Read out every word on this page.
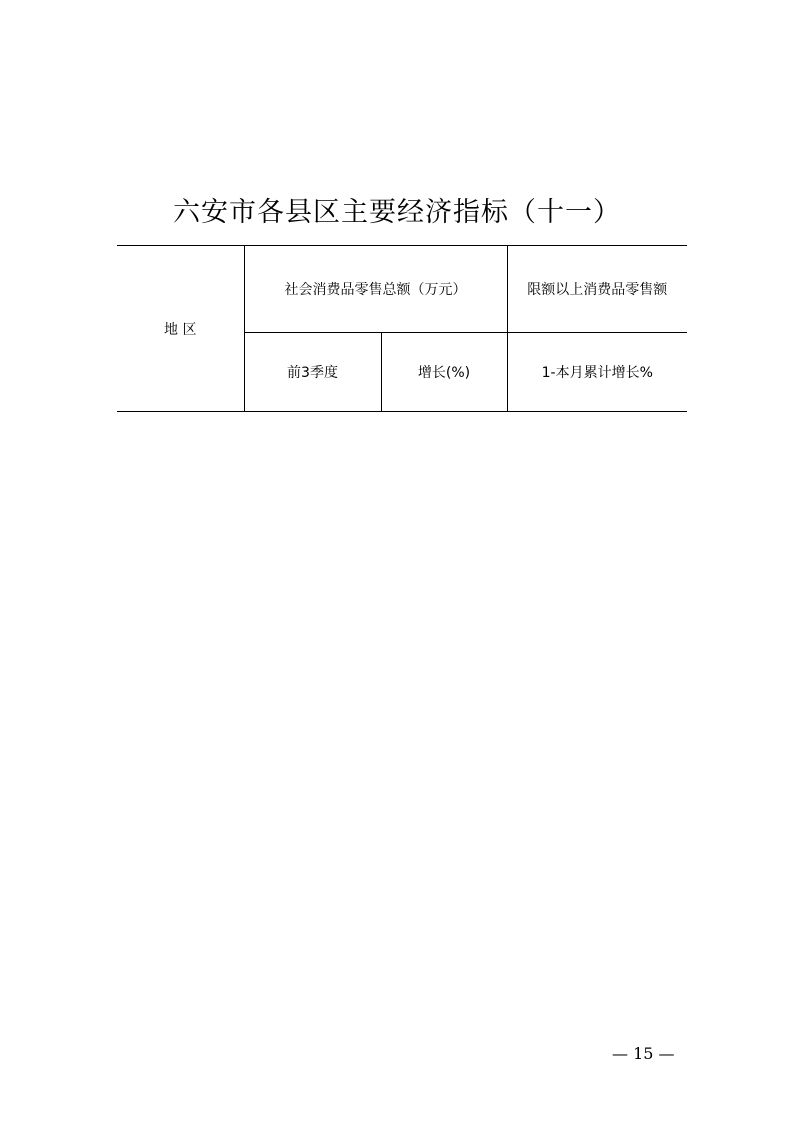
六安市各县区主要经济指标（十一）
地 区	社会消费品零售总额（万元）		限额以上消费品零售额
	前3季度	增长(%)	1-本月累计增长%
— 15 —
